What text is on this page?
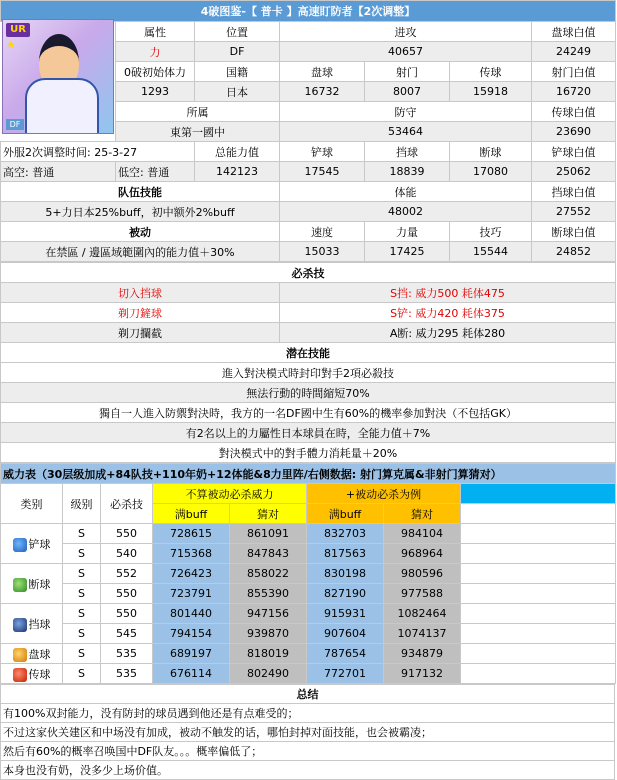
4破图鉴-【 普卡 】高速盯防者【2次调整】						
	属性	位置	进攻			盘球白值
	力	DF	40657			24249
	0破初始体力	国籍	盘球	射门	传球	射门白值
	1293	日本	16732	8007	15918	16720
	所属		防守			传球白值
	東第一國中		53464			23690
外服2次调整时间: 25-3-27		总能力值	铲球	挡球	断球	铲球白值
高空: 普通	低空: 普通	142123	17545	18839	17080	25062
队伍技能			体能			挡球白值
5+力日本25%buff，初中额外2%buff			48002			27552
被动			速度	力量	技巧	断球白值
在禁區 / 邊區域範圍內的能力值＋30%			15033	17425	15544	24852
UR
★
DF
必杀技	
切入挡球	S挡: 威力500 耗体475
剃刀鏟球	S铲: 威力420 耗体375
剃刀攔截	A断: 威力295 耗体280
潜在技能	
進入對決模式時封印對手2項必殺技	
無法行動的時間縮短70%	
獨自一人進入防禦對決時，我方的一名DF國中生有60%的機率參加對決（不包括GK）	
有2名以上的力屬性日本球員在時，全能力值＋7%	
對決模式中的對手體力消耗量＋20%	
威力表（30层级加成+84队技+110年奶+12体能&8力里阵/右侧数据: 射门算克属&非射门算猜对）							
类别	级别	必杀技	不算被动必杀威力		+被动必杀为例		
			满buff	猜对	满buff	猜对	
铲球	S	550	728615	861091	832703	984104	
	S	540	715368	847843	817563	968964	
断球	S	552	726423	858022	830198	980596	
	S	550	723791	855390	827190	977588	
挡球	S	550	801440	947156	915931	1082464	
	S	545	794154	939870	907604	1074137	
盘球	S	535	689197	818019	787654	934879	
传球	S	535	676114	802490	772701	917132	
总结
有100%双封能力，没有防封的球员遇到他还是有点难受的；
不过这家伙关建区和中场没有加成，被动不触发的话，哪怕封掉对面技能，也会被霸凌；
然后有60%的概率召唤国中DF队友。。。概率偏低了；
本身也没有奶，没多少上场价值。
